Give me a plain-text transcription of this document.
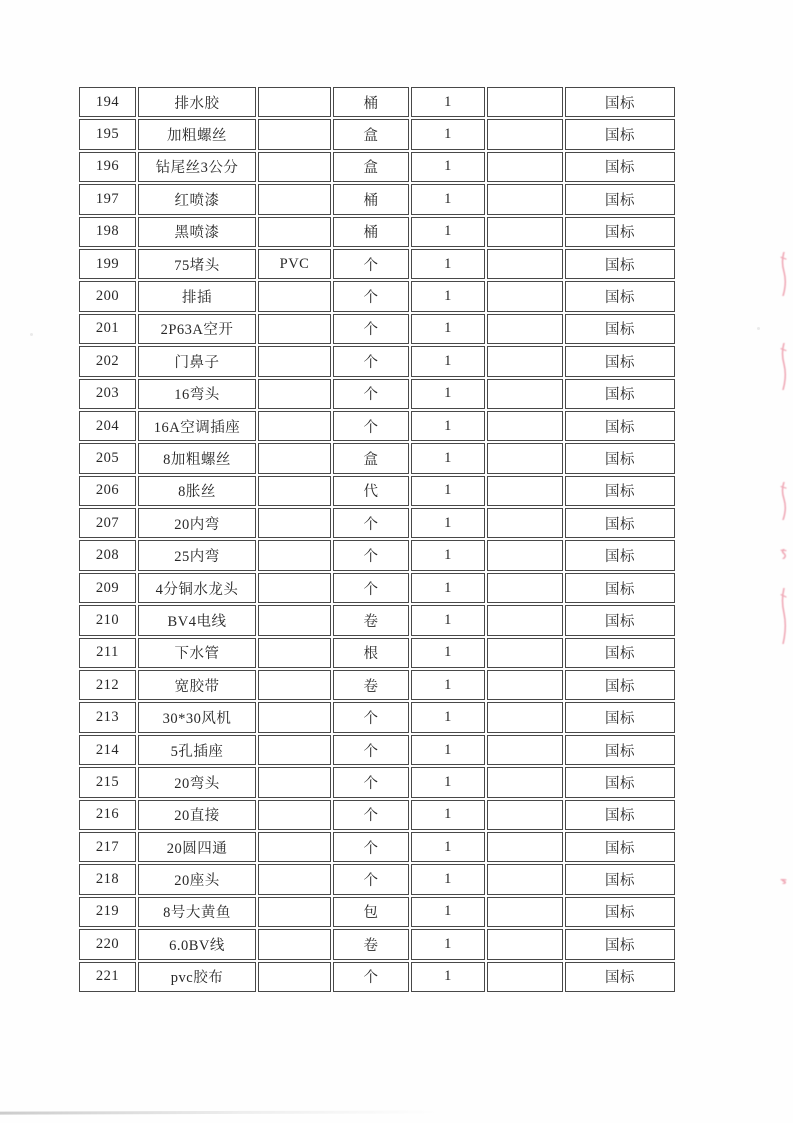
194	排水胶		桶	1		国标
195	加粗螺丝		盒	1		国标
196	钻尾丝3公分		盒	1		国标
197	红喷漆		桶	1		国标
198	黑喷漆		桶	1		国标
199	75堵头	PVC	个	1		国标
200	排插		个	1		国标
201	2P63A空开		个	1		国标
202	门鼻子		个	1		国标
203	16弯头		个	1		国标
204	16A空调插座		个	1		国标
205	8加粗螺丝		盒	1		国标
206	8胀丝		代	1		国标
207	20内弯		个	1		国标
208	25内弯		个	1		国标
209	4分铜水龙头		个	1		国标
210	BV4电线		卷	1		国标
211	下水管		根	1		国标
212	宽胶带		卷	1		国标
213	30*30风机		个	1		国标
214	5孔插座		个	1		国标
215	20弯头		个	1		国标
216	20直接		个	1		国标
217	20圆四通		个	1		国标
218	20座头		个	1		国标
219	8号大黄鱼		包	1		国标
220	6.0BV线		卷	1		国标
221	pvc胶布		个	1		国标
